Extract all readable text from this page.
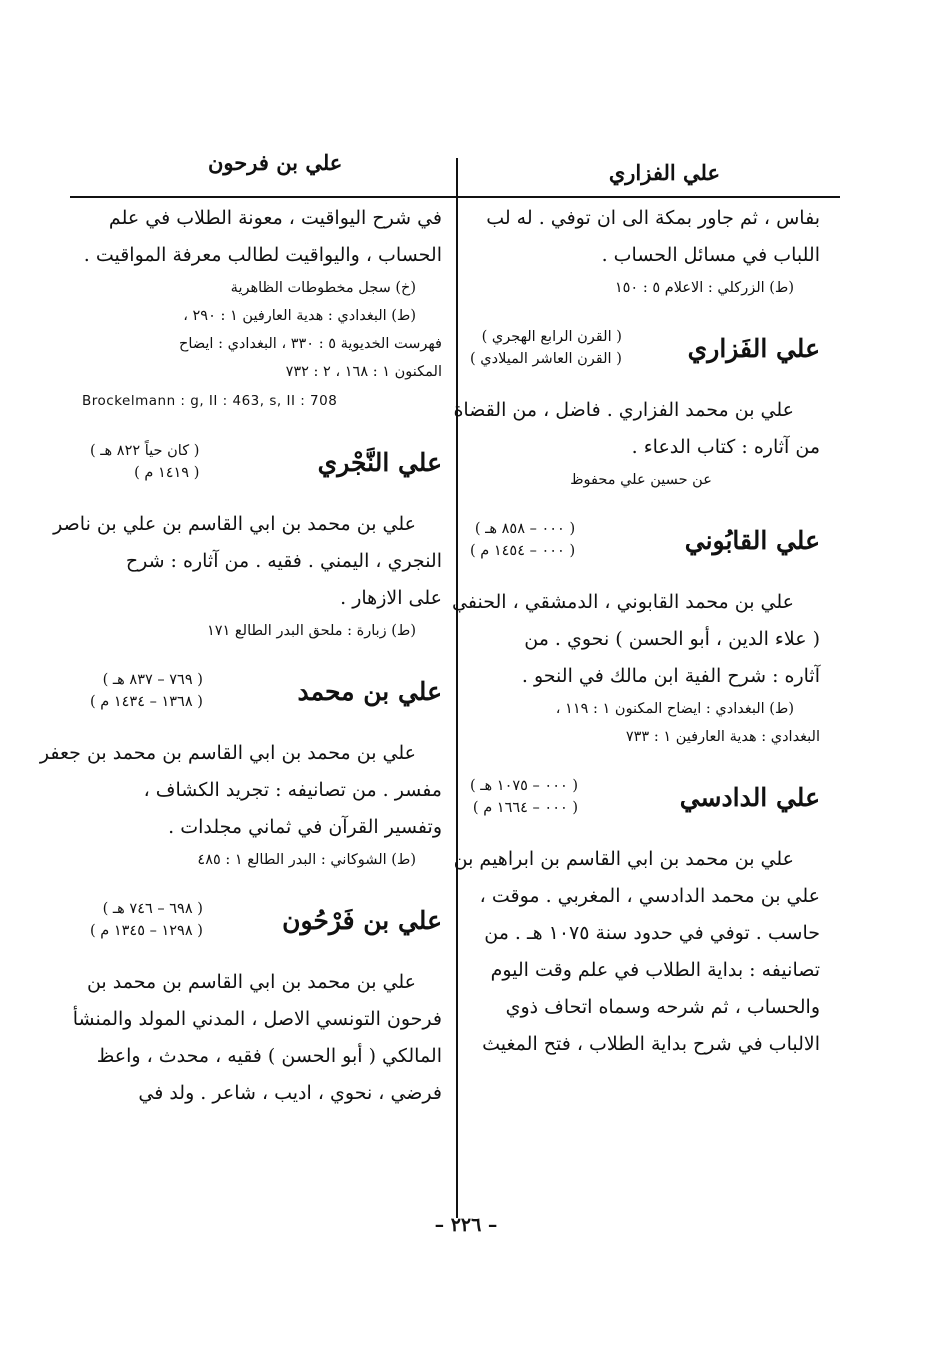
علي الفزاري
علي بن فرحون
بفاس ، ثم جاور بمكة الى ان توفي . له لب
اللباب في مسائل الحساب .
(ط) الزركلي : الاعلام ٥ : ١٥٠
علي الفَزاري
( القرن الرابع الهجري )
( القرن العاشر الميلادي )
علي بن محمد الفزاري . فاضل ، من القضاة
من آثاره : كتاب الدعاء .
عن حسين علي محفوظ
علي القابُوني
( ٠٠٠ – ٨٥٨ هـ )
( ٠٠٠ – ١٤٥٤ م )
علي بن محمد القابوني ، الدمشقي ، الحنفي
( علاء الدين ، أبو الحسن ) نحوي . من
آثاره : شرح الفية ابن مالك في النحو .
(ط) البغدادي : ايضاح المكنون ١ : ١١٩ ،
البغدادي : هدية العارفين ١ : ٧٣٣
علي الدادسي
( ٠٠٠ – ١٠٧٥ هـ )
( ٠٠٠ – ١٦٦٤ م )
علي بن محمد بن ابي القاسم بن ابراهيم بن
علي بن محمد الدادسي ، المغربي . موقت ،
حاسب . توفي في حدود سنة ١٠٧٥ هـ . من
تصانيفه : بداية الطلاب في علم وقت اليوم
والحساب ، ثم شرحه وسماه اتحاف ذوي
الالباب في شرح بداية الطلاب ، فتح المغيث
في شرح اليواقيت ، معونة الطلاب في علم
الحساب ، واليواقيت لطالب معرفة المواقيت .
(خ) سجل مخطوطات الظاهرية
(ط) البغدادي : هدية العارفين ١ : ٢٩٠ ،
فهرست الخديوية ٥ : ٣٣٠ ، البغدادي : ايضاح
المكنون ١ : ١٦٨ ، ٢ : ٧٣٢
Brockelmann : g, II : 463, s, II : 708
علي النَّجْري
( كان حياً ٨٢٢ هـ )
( ١٤١٩ م )
علي بن محمد بن ابي القاسم بن علي بن ناصر
النجري ، اليمني . فقيه . من آثاره : شرح
على الازهار .
(ط) زبارة : ملحق البدر الطالع ١٧١
علي بن محمد
( ٧٦٩ – ٨٣٧ هـ )
( ١٣٦٨ – ١٤٣٤ م )
علي بن محمد بن ابي القاسم بن محمد بن جعفر
مفسر . من تصانيفه : تجريد الكشاف ،
وتفسير القرآن في ثماني مجلدات .
(ط) الشوكاني : البدر الطالع ١ : ٤٨٥
علي بن فَرْحُون
( ٦٩٨ – ٧٤٦ هـ )
( ١٢٩٨ – ١٣٤٥ م )
علي بن محمد بن ابي القاسم بن محمد بن
فرحون التونسي الاصل ، المدني المولد والمنشأ
المالكي ( أبو الحسن ) فقيه ، محدث ، واعظ
فرضي ، نحوي ، اديب ، شاعر . ولد في
– ٢٢٦ –
